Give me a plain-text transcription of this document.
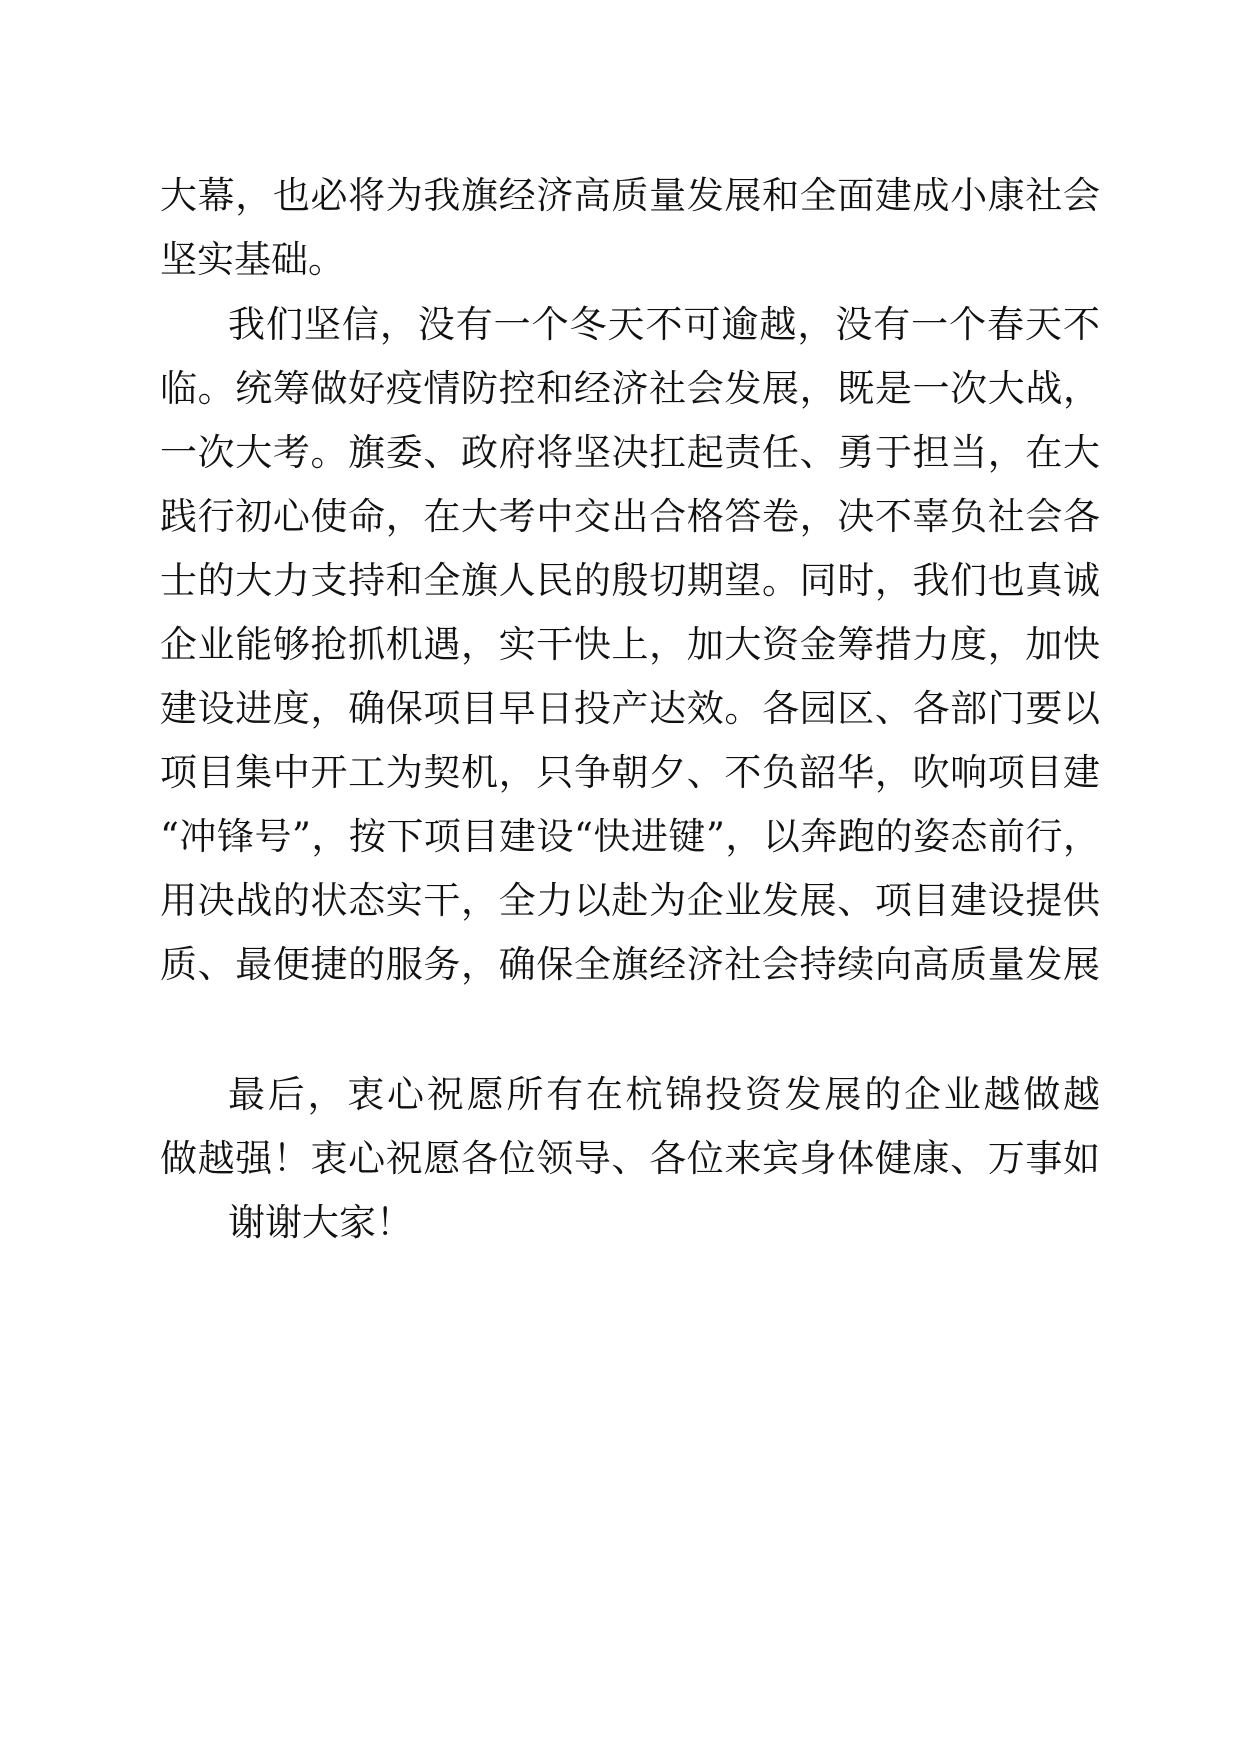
大幕，也必将为我旗经济高质量发展和全面建成小康社会
坚实基础。
我们坚信，没有一个冬天不可逾越，没有一个春天不
临。统筹做好疫情防控和经济社会发展，既是一次大战，
一次大考。旗委、政府将坚决扛起责任、勇于担当，在大
践行初心使命，在大考中交出合格答卷，决不辜负社会各
士的大力支持和全旗人民的殷切期望。同时，我们也真诚
企业能够抢抓机遇，实干快上，加大资金筹措力度，加快
建设进度，确保项目早日投产达效。各园区、各部门要以
项目集中开工为契机，只争朝夕、不负韶华，吹响项目建
“冲锋号”，按下项目建设“快进键”，以奔跑的姿态前行，
用决战的状态实干，全力以赴为企业发展、项目建设提供
质、最便捷的服务，确保全旗经济社会持续向高质量发展
最后，衷心祝愿所有在杭锦投资发展的企业越做越
做越强！衷心祝愿各位领导、各位来宾身体健康、万事如
谢谢大家！
